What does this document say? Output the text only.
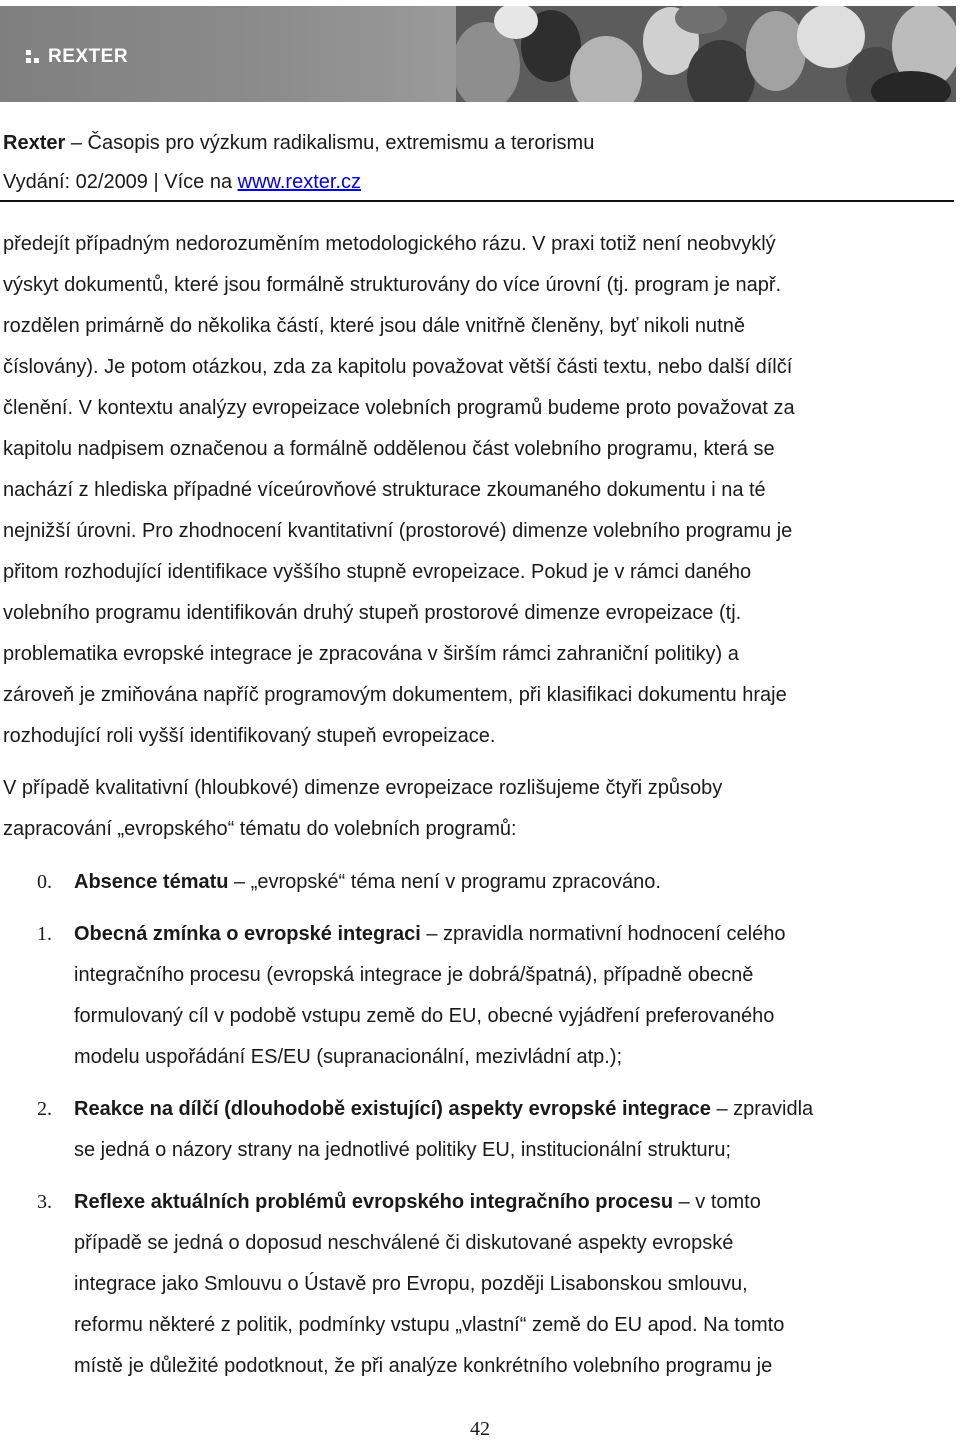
REXTER
Rexter – Časopis pro výzkum radikalismu, extremismu a terorismu
Vydání: 02/2009 | Více na www.rexter.cz
předejít případným nedorozuměním metodologického rázu. V praxi totiž není neobvyklý
výskyt dokumentů, které jsou formálně strukturovány do více úrovní (tj. program je např.
rozdělen primárně do několika částí, které jsou dále vnitřně členěny, byť nikoli nutně
číslovány). Je potom otázkou, zda za kapitolu považovat větší části textu, nebo další dílčí
členění. V kontextu analýzy evropeizace volebních programů budeme proto považovat za
kapitolu nadpisem označenou a formálně oddělenou část volebního programu, která se
nachází z hlediska případné víceúrovňové strukturace zkoumaného dokumentu i na té
nejnižší úrovni. Pro zhodnocení kvantitativní (prostorové) dimenze volebního programu je
přitom rozhodující identifikace vyššího stupně evropeizace. Pokud je v rámci daného
volebního programu identifikován druhý stupeň prostorové dimenze evropeizace (tj.
problematika evropské integrace je zpracována v širším rámci zahraniční politiky) a
zároveň je zmiňována napříč programovým dokumentem, při klasifikaci dokumentu hraje
rozhodující roli vyšší identifikovaný stupeň evropeizace.
V případě kvalitativní (hloubkové) dimenze evropeizace rozlišujeme čtyři způsoby
zapracování „evropského“ tématu do volebních programů:
0. Absence tématu – „evropské“ téma není v programu zpracováno.
1. Obecná zmínka o evropské integraci – zpravidla normativní hodnocení celého
integračního procesu (evropská integrace je dobrá/špatná), případně obecně
formulovaný cíl v podobě vstupu země do EU, obecné vyjádření preferovaného
modelu uspořádání ES/EU (supranacionální, mezivládní atp.);
2. Reakce na dílčí (dlouhodobě existující) aspekty evropské integrace – zpravidla
se jedná o názory strany na jednotlivé politiky EU, institucionální strukturu;
3. Reflexe aktuálních problémů evropského integračního procesu – v tomto
případě se jedná o doposud neschválené či diskutované aspekty evropské
integrace jako Smlouvu o Ústavě pro Evropu, později Lisabonskou smlouvu,
reformu některé z politik, podmínky vstupu „vlastní“ země do EU apod. Na tomto
místě je důležité podotknout, že při analýze konkrétního volebního programu je
42
